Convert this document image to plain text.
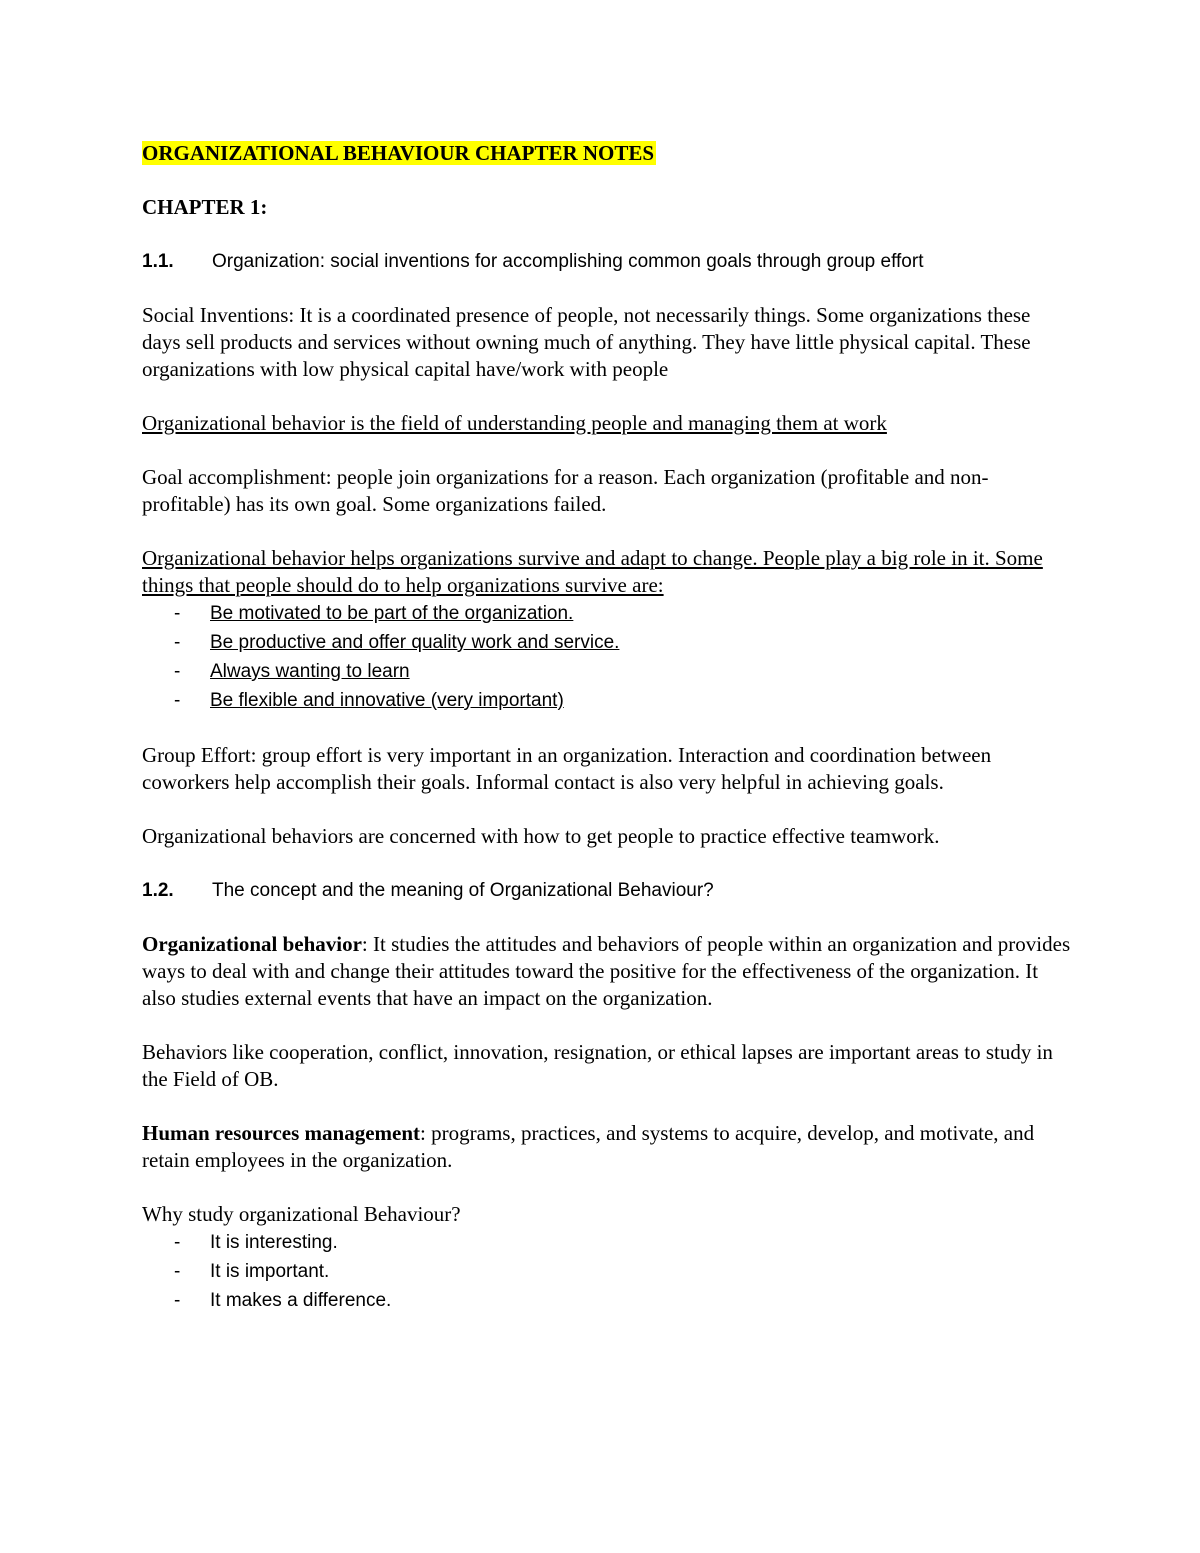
ORGANIZATIONAL BEHAVIOUR CHAPTER NOTES
CHAPTER 1:
1.1.	Organization: social inventions for accomplishing common goals through group effort
Social Inventions: It is a coordinated presence of people, not necessarily things. Some organizations these days sell products and services without owning much of anything. They have little physical capital. These organizations with low physical capital have/work with people
Organizational behavior is the field of understanding people and managing them at work
Goal accomplishment: people join organizations for a reason. Each organization (profitable and non-profitable) has its own goal. Some organizations failed.
Organizational behavior helps organizations survive and adapt to change. People play a big role in it. Some things that people should do to help organizations survive are:
-	Be motivated to be part of the organization.
-	Be productive and offer quality work and service.
-	Always wanting to learn
-	Be flexible and innovative (very important)
Group Effort: group effort is very important in an organization. Interaction and coordination between coworkers help accomplish their goals. Informal contact is also very helpful in achieving goals.
Organizational behaviors are concerned with how to get people to practice effective teamwork.
1.2.	The concept and the meaning of Organizational Behaviour?
Organizational behavior: It studies the attitudes and behaviors of people within an organization and provides ways to deal with and change their attitudes toward the positive for the effectiveness of the organization. It also studies external events that have an impact on the organization.
Behaviors like cooperation, conflict, innovation, resignation, or ethical lapses are important areas to study in the Field of OB.
Human resources management: programs, practices, and systems to acquire, develop, and motivate, and retain employees in the organization.
Why study organizational Behaviour?
-	It is interesting.
-	It is important.
-	It makes a difference.
